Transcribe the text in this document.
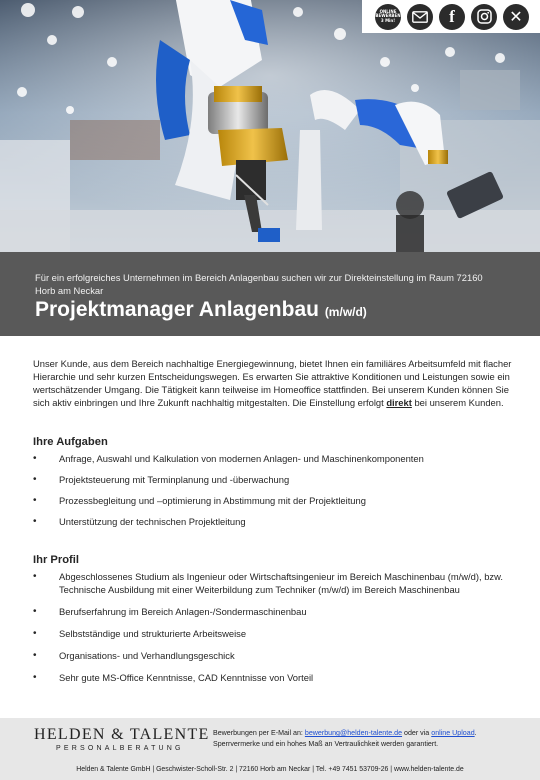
ONLINE BEWERBEN 3 Min!	f	✕
Für ein erfolgreiches Unternehmen im Bereich Anlagenbau suchen wir zur Direkteinstellung im Raum 72160 Horb am Neckar
Projektmanager Anlagenbau (m/w/d)

Unser Kunde, aus dem Bereich nachhaltige Energiegewinnung, bietet Ihnen ein familiäres Arbeitsumfeld mit flacher Hierarchie und sehr kurzen Entscheidungswegen. Es erwarten Sie attraktive Konditionen und Leistungen sowie ein wertschätzender Umgang. Die Tätigkeit kann teilweise im Homeoffice stattfinden. Bei unserem Kunden können Sie sich aktiv einbringen und Ihre Zukunft nachhaltig mitgestalten. Die Einstellung erfolgt direkt bei unserem Kunden.

Ihre Aufgaben
• Anfrage, Auswahl und Kalkulation von modernen Anlagen- und Maschinenkomponenten
• Projektsteuerung mit Terminplanung und -überwachung
• Prozessbegleitung und –optimierung in Abstimmung mit der Projektleitung
• Unterstützung der technischen Projektleitung
Ihr Profil
• Abgeschlossenes Studium als Ingenieur oder Wirtschaftsingenieur im Bereich Maschinenbau (m/w/d), bzw. Technische Ausbildung mit einer Weiterbildung zum Techniker (m/w/d) im Bereich Maschinenbau
• Berufserfahrung im Bereich Anlagen-/Sondermaschinenbau
• Selbstständige und strukturierte Arbeitsweise
• Organisations- und Verhandlungsgeschick
• Sehr gute MS-Office Kenntnisse, CAD Kenntnisse von Vorteil
HELDEN & TALENTE
PERSONALBERATUNG
Bewerbungen per E-Mail an: bewerbung@helden-talente.de oder via online Upload.
Sperrvermerke und ein hohes Maß an Vertraulichkeit werden garantiert.
Helden & Talente GmbH | Geschwister-Scholl-Str. 2 | 72160 Horb am Neckar | Tel. +49 7451 53709-26 | www.helden-talente.de
